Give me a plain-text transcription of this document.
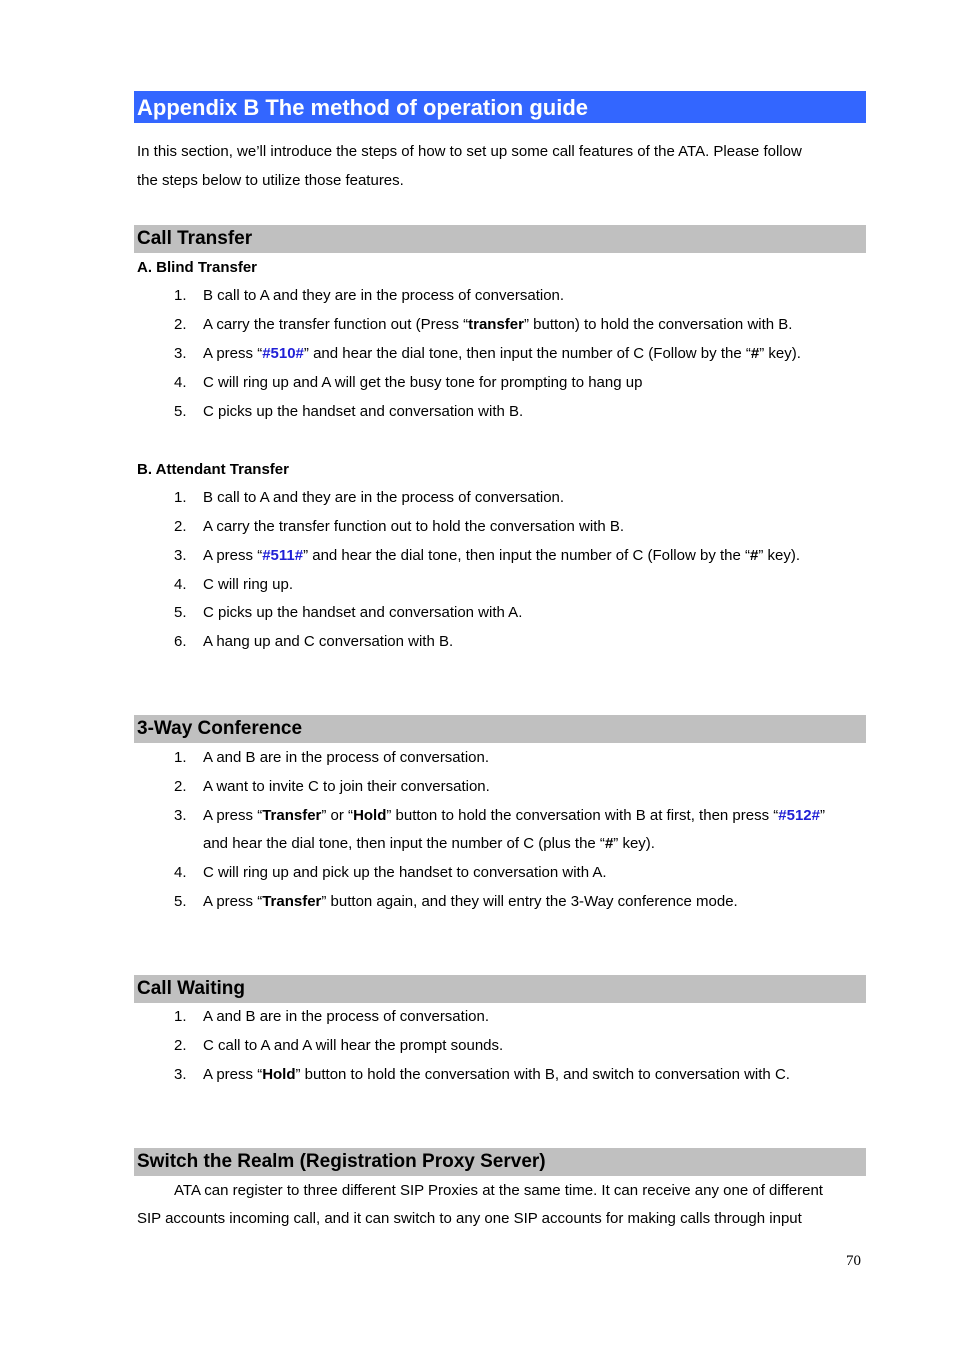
Appendix B The method of operation guide
In this section, we’ll introduce the steps of how to set up some call features of the ATA. Please follow
the steps below to utilize those features.
Call Transfer
A. Blind Transfer
1. B call to A and they are in the process of conversation.
2. A carry the transfer function out (Press “transfer” button) to hold the conversation with B.
3. A press “#510#” and hear the dial tone, then input the number of C (Follow by the “#” key).
4. C will ring up and A will get the busy tone for prompting to hang up
5. C picks up the handset and conversation with B.
B. Attendant Transfer
1. B call to A and they are in the process of conversation.
2. A carry the transfer function out to hold the conversation with B.
3. A press “#511#” and hear the dial tone, then input the number of C (Follow by the “#” key).
4. C will ring up.
5. C picks up the handset and conversation with A.
6. A hang up and C conversation with B.
3-Way Conference
1. A and B are in the process of conversation.
2. A want to invite C to join their conversation.
3. A press “Transfer” or “Hold” button to hold the conversation with B at first, then press “#512#”
and hear the dial tone, then input the number of C (plus the “#” key).
4. C will ring up and pick up the handset to conversation with A.
5. A press “Transfer” button again, and they will entry the 3-Way conference mode.
Call Waiting
1. A and B are in the process of conversation.
2. C call to A and A will hear the prompt sounds.
3. A press “Hold” button to hold the conversation with B, and switch to conversation with C.
Switch the Realm (Registration Proxy Server)
ATA can register to three different SIP Proxies at the same time. It can receive any one of different
SIP accounts incoming call, and it can switch to any one SIP accounts for making calls through input
70
